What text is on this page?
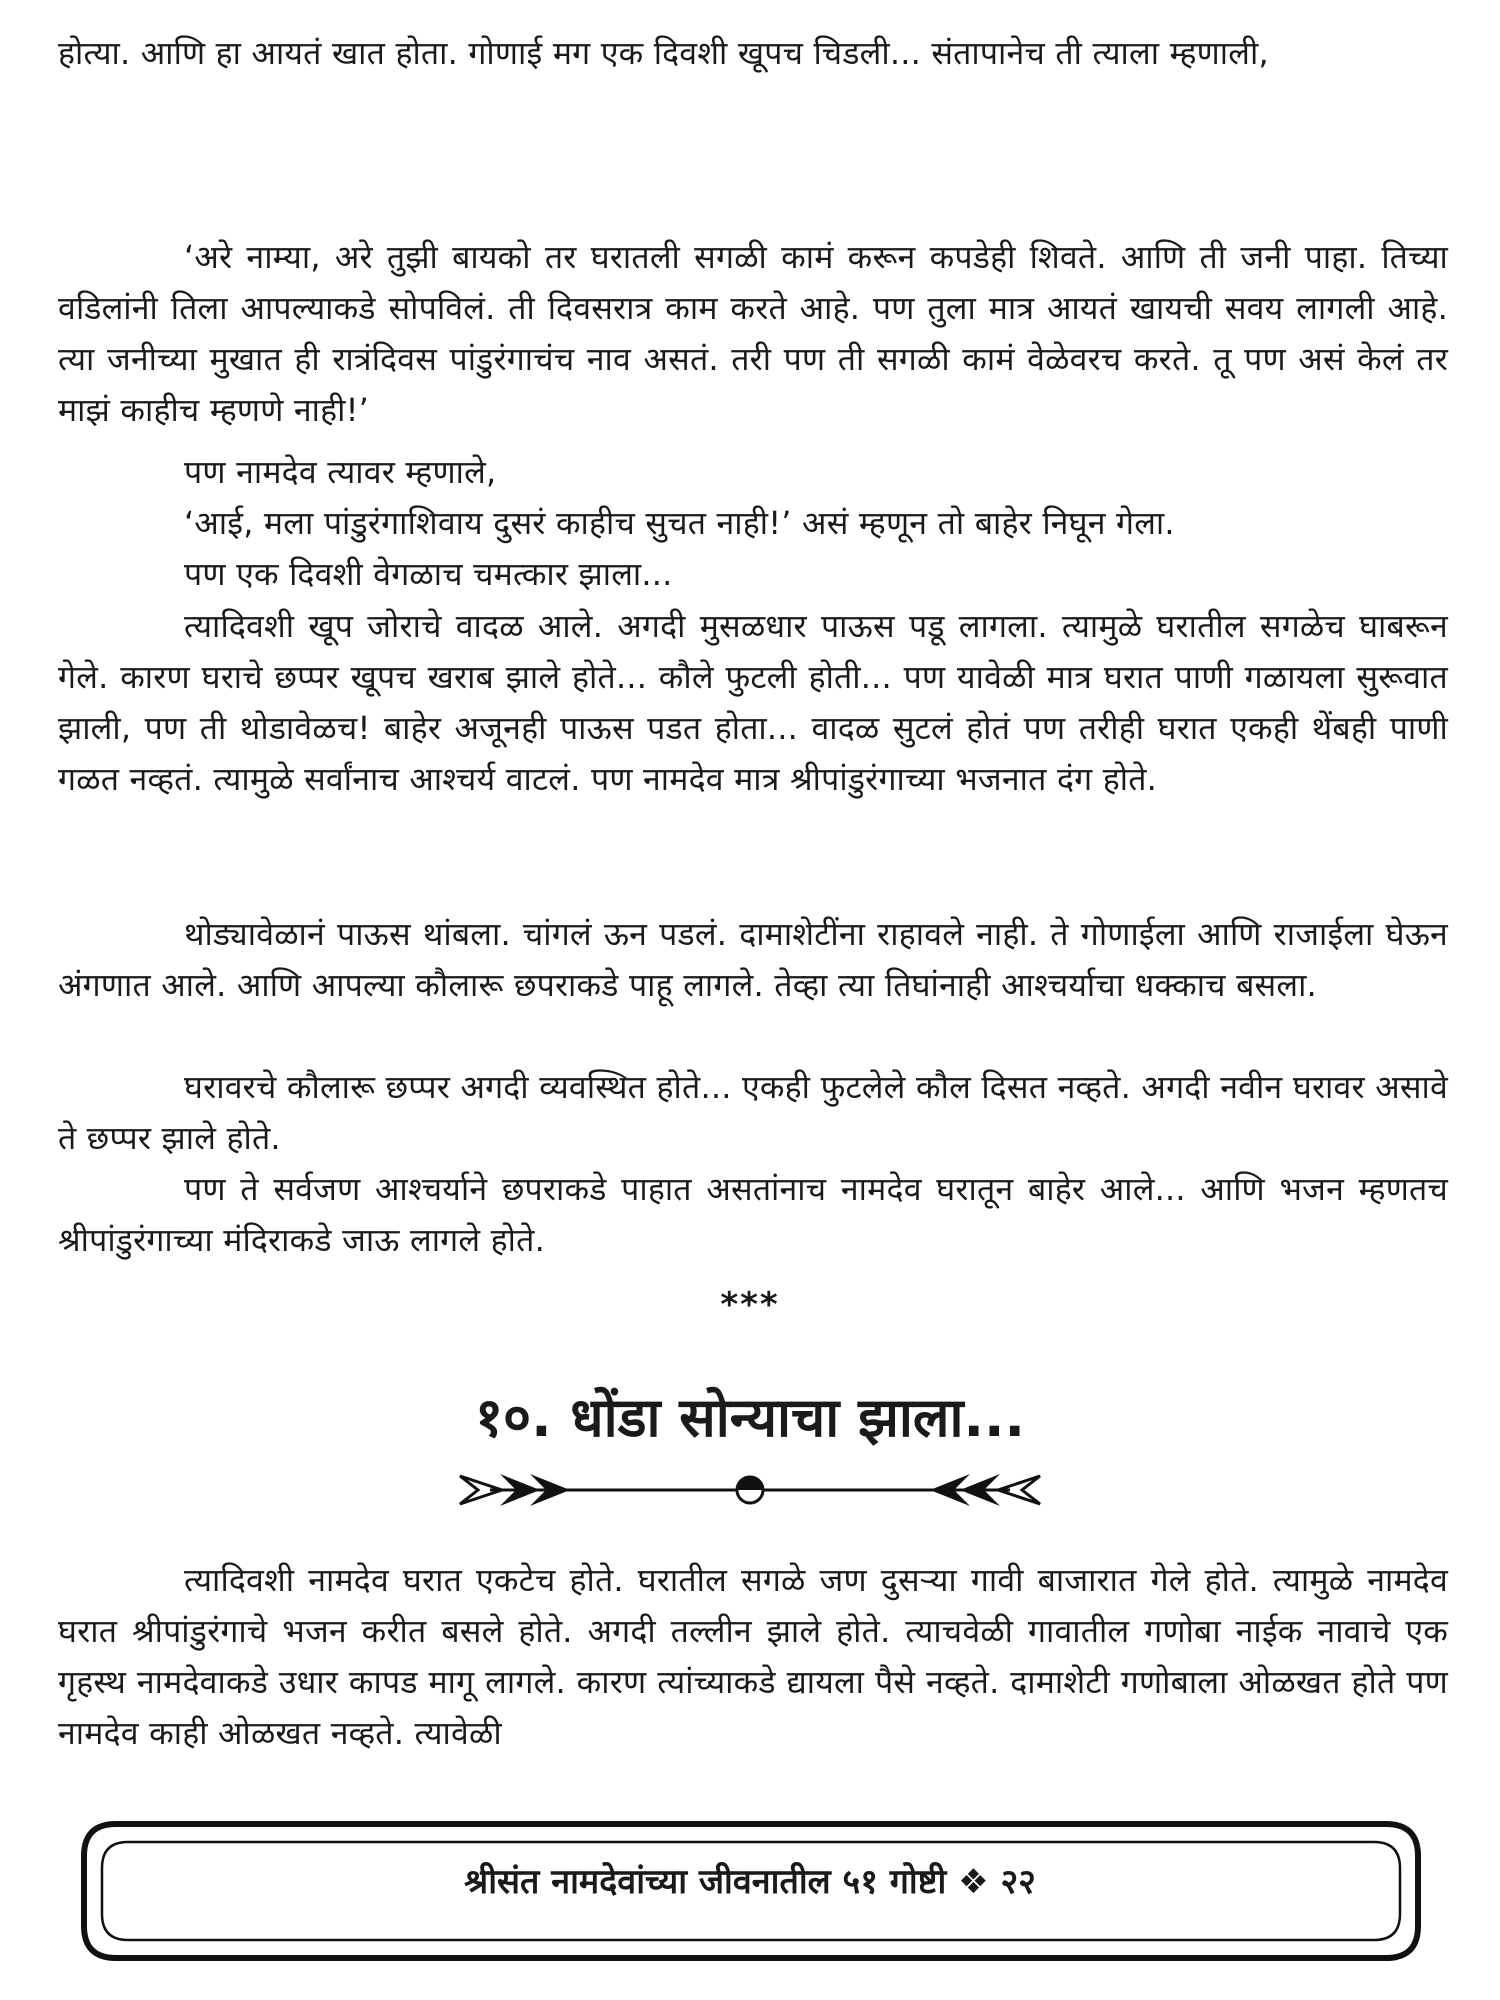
होत्या. आणि हा आयतं खात होता. गोणाई मग एक दिवशी खूपच चिडली... संतापानेच ती त्याला म्हणाली,

‘अरे नाम्या, अरे तुझी बायको तर घरातली सगळी कामं करून कपडेही शिवते. आणि ती जनी पाहा. तिच्या वडिलांनी तिला आपल्याकडे सोपविलं. ती दिवसरात्र काम करते आहे. पण तुला मात्र आयतं खायची सवय लागली आहे. त्या जनीच्या मुखात ही रात्रंदिवस पांडुरंगाचंच नाव असतं. तरी पण ती सगळी कामं वेळेवरच करते. तू पण असं केलं तर माझं काहीच म्हणणे नाही!’

पण नामदेव त्यावर म्हणाले,

‘आई, मला पांडुरंगाशिवाय दुसरं काहीच सुचत नाही!’ असं म्हणून तो बाहेर निघून गेला.

पण एक दिवशी वेगळाच चमत्कार झाला...

त्यादिवशी खूप जोराचे वादळ आले. अगदी मुसळधार पाऊस पडू लागला. त्यामुळे घरातील सगळेच घाबरून गेले. कारण घराचे छप्पर खूपच खराब झाले होते... कौले फुटली होती... पण यावेळी मात्र घरात पाणी गळायला सुरूवात झाली, पण ती थोडावेळच! बाहेर अजूनही पाऊस पडत होता... वादळ सुटलं होतं पण तरीही घरात एकही थेंबही पाणी गळत नव्हतं. त्यामुळे सर्वांनाच आश्चर्य वाटलं. पण नामदेव मात्र श्रीपांडुरंगाच्या भजनात दंग होते.

थोड्यावेळानं पाऊस थांबला. चांगलं ऊन पडलं. दामाशेटींना राहावले नाही. ते गोणाईला आणि राजाईला घेऊन अंगणात आले. आणि आपल्या कौलारू छपराकडे पाहू लागले. तेव्हा त्या तिघांनाही आश्चर्याचा धक्काच बसला.

घरावरचे कौलारू छप्पर अगदी व्यवस्थित होते... एकही फुटलेले कौल दिसत नव्हते. अगदी नवीन घरावर असावे ते छप्पर झाले होते.

पण ते सर्वजण आश्चर्याने छपराकडे पाहात असतांनाच नामदेव घरातून बाहेर आले... आणि भजन म्हणतच श्रीपांडुरंगाच्या मंदिराकडे जाऊ लागले होते.

***
१०. धोंडा सोन्याचा झाला...

त्यादिवशी नामदेव घरात एकटेच होते. घरातील सगळे जण दुसऱ्या गावी बाजारात गेले होते. त्यामुळे नामदेव घरात श्रीपांडुरंगाचे भजन करीत बसले होते. अगदी तल्लीन झाले होते. त्याचवेळी गावातील गणोबा नाईक नावाचे एक गृहस्थ नामदेवाकडे उधार कापड मागू लागले. कारण त्यांच्याकडे द्यायला पैसे नव्हते. दामाशेटी गणोबाला ओळखत होते पण नामदेव काही ओळखत नव्हते. त्यावेळी

श्रीसंत नामदेवांच्या जीवनातील ५१ गोष्टी ❖ २२
